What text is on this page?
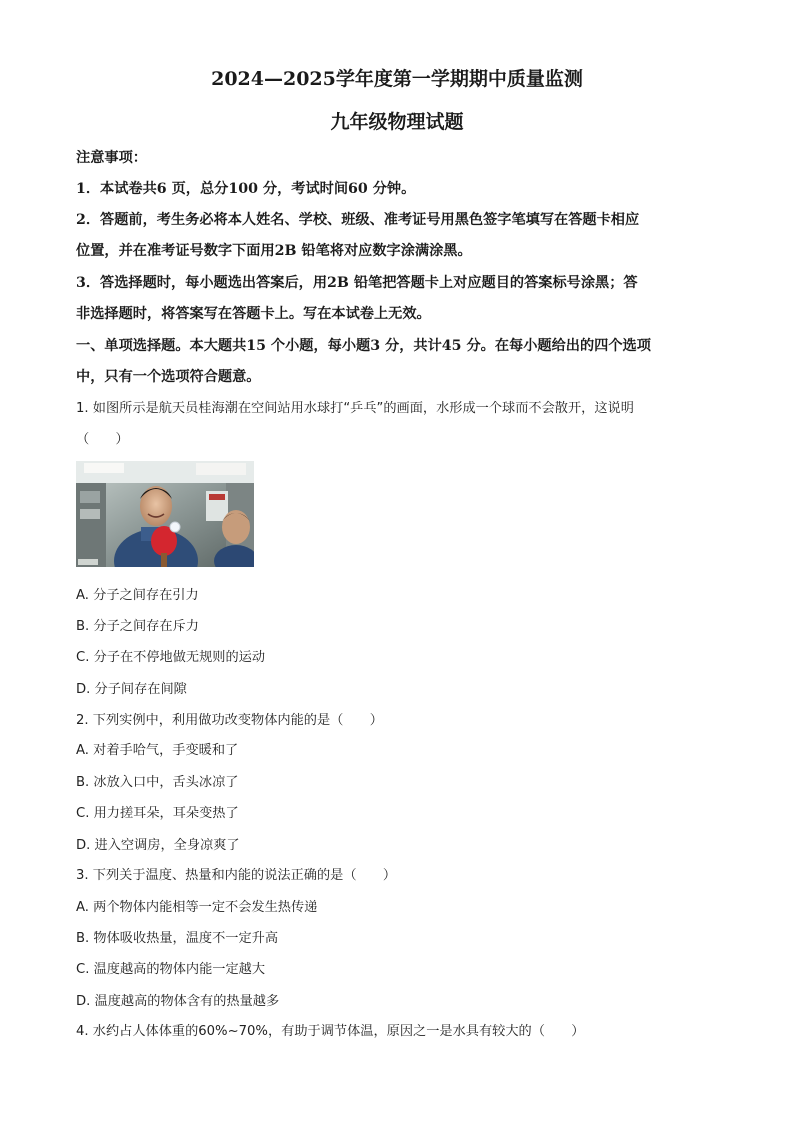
2024—2025学年度第一学期期中质量监测
九年级物理试题
注意事项：
1．本试卷共6 页，总分100 分，考试时间60 分钟。
2．答题前，考生务必将本人姓名、学校、班级、准考证号用黑色签字笔填写在答题卡相应
位置，并在准考证号数字下面用2B 铅笔将对应数字涂满涂黑。
3．答选择题时，每小题选出答案后，用2B 铅笔把答题卡上对应题目的答案标号涂黑；答
非选择题时，将答案写在答题卡上。写在本试卷上无效。
一、单项选择题。本大题共15 个小题，每小题3 分，共计45 分。在每小题给出的四个选项
中，只有一个选项符合题意。
1. 如图所示是航天员桂海潮在空间站用水球打“乒乓”的画面，水形成一个球而不会散开，这说明
（　　）
A. 分子之间存在引力
B. 分子之间存在斥力
C. 分子在不停地做无规则的运动
D. 分子间存在间隙
2. 下列实例中，利用做功改变物体内能的是（　　）
A. 对着手哈气，手变暖和了
B. 冰放入口中，舌头冰凉了
C. 用力搓耳朵，耳朵变热了
D. 进入空调房，全身凉爽了
3. 下列关于温度、热量和内能的说法正确的是（　　）
A. 两个物体内能相等一定不会发生热传递
B. 物体吸收热量，温度不一定升高
C. 温度越高的物体内能一定越大
D. 温度越高的物体含有的热量越多
4. 水约占人体体重的60%~70%，有助于调节体温，原因之一是水具有较大的（　　）
